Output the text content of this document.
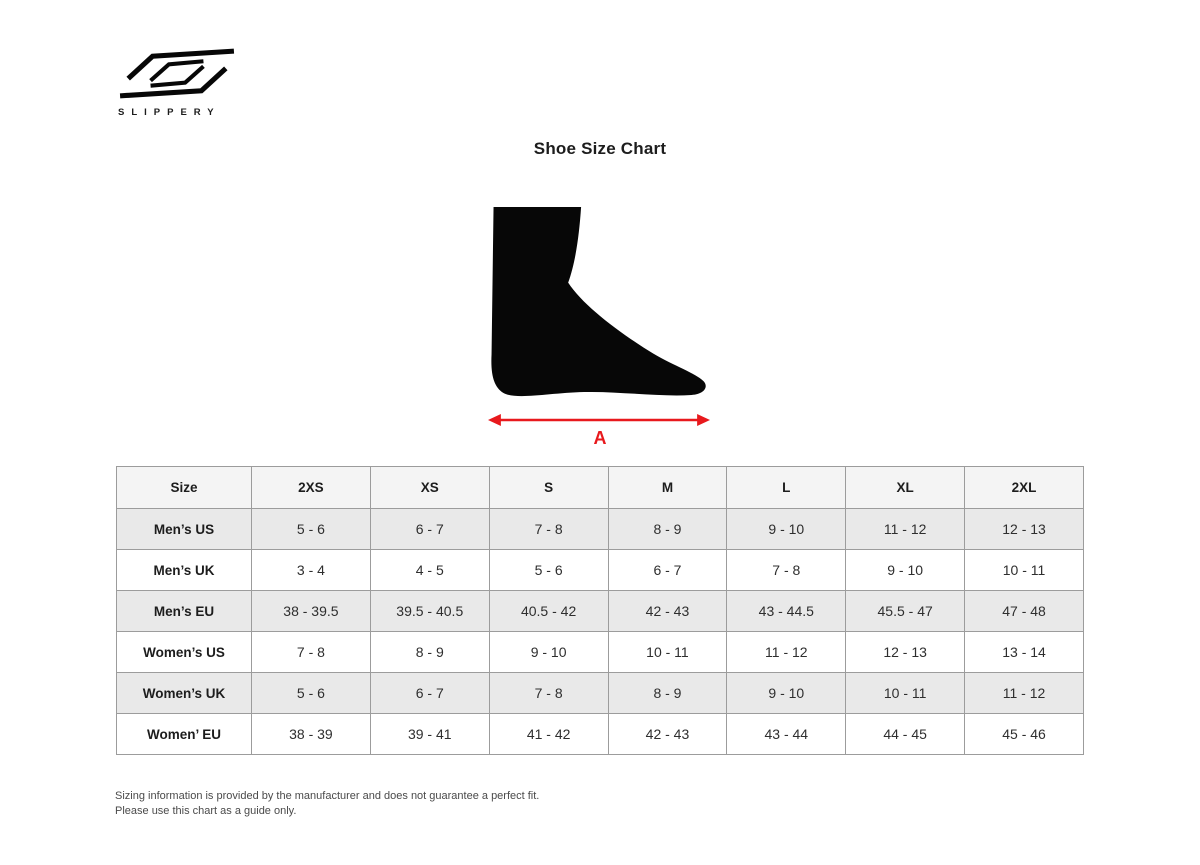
SLIPPERY
Shoe Size Chart
A
Size	2XS	XS	S	M	L	XL	2XL
Men’s US	5 - 6	6 - 7	7 - 8	8 - 9	9 - 10	11 - 12	12 - 13
Men’s UK	3 - 4	4 - 5	5 - 6	6 - 7	7 - 8	9 - 10	10 - 11
Men’s EU	38 - 39.5	39.5 - 40.5	40.5 - 42	42 - 43	43 - 44.5	45.5 - 47	47 - 48
Women’s US	7 - 8	8 - 9	9 - 10	10 - 11	11 - 12	12 - 13	13 - 14
Women’s UK	5 - 6	6 - 7	7 - 8	8 - 9	9 - 10	10 - 11	11 - 12
Women’ EU	38 - 39	39 - 41	41 - 42	42 - 43	43 - 44	44 - 45	45 - 46
Sizing information is provided by the manufacturer and does not guarantee a perfect fit.
Please use this chart as a guide only.
